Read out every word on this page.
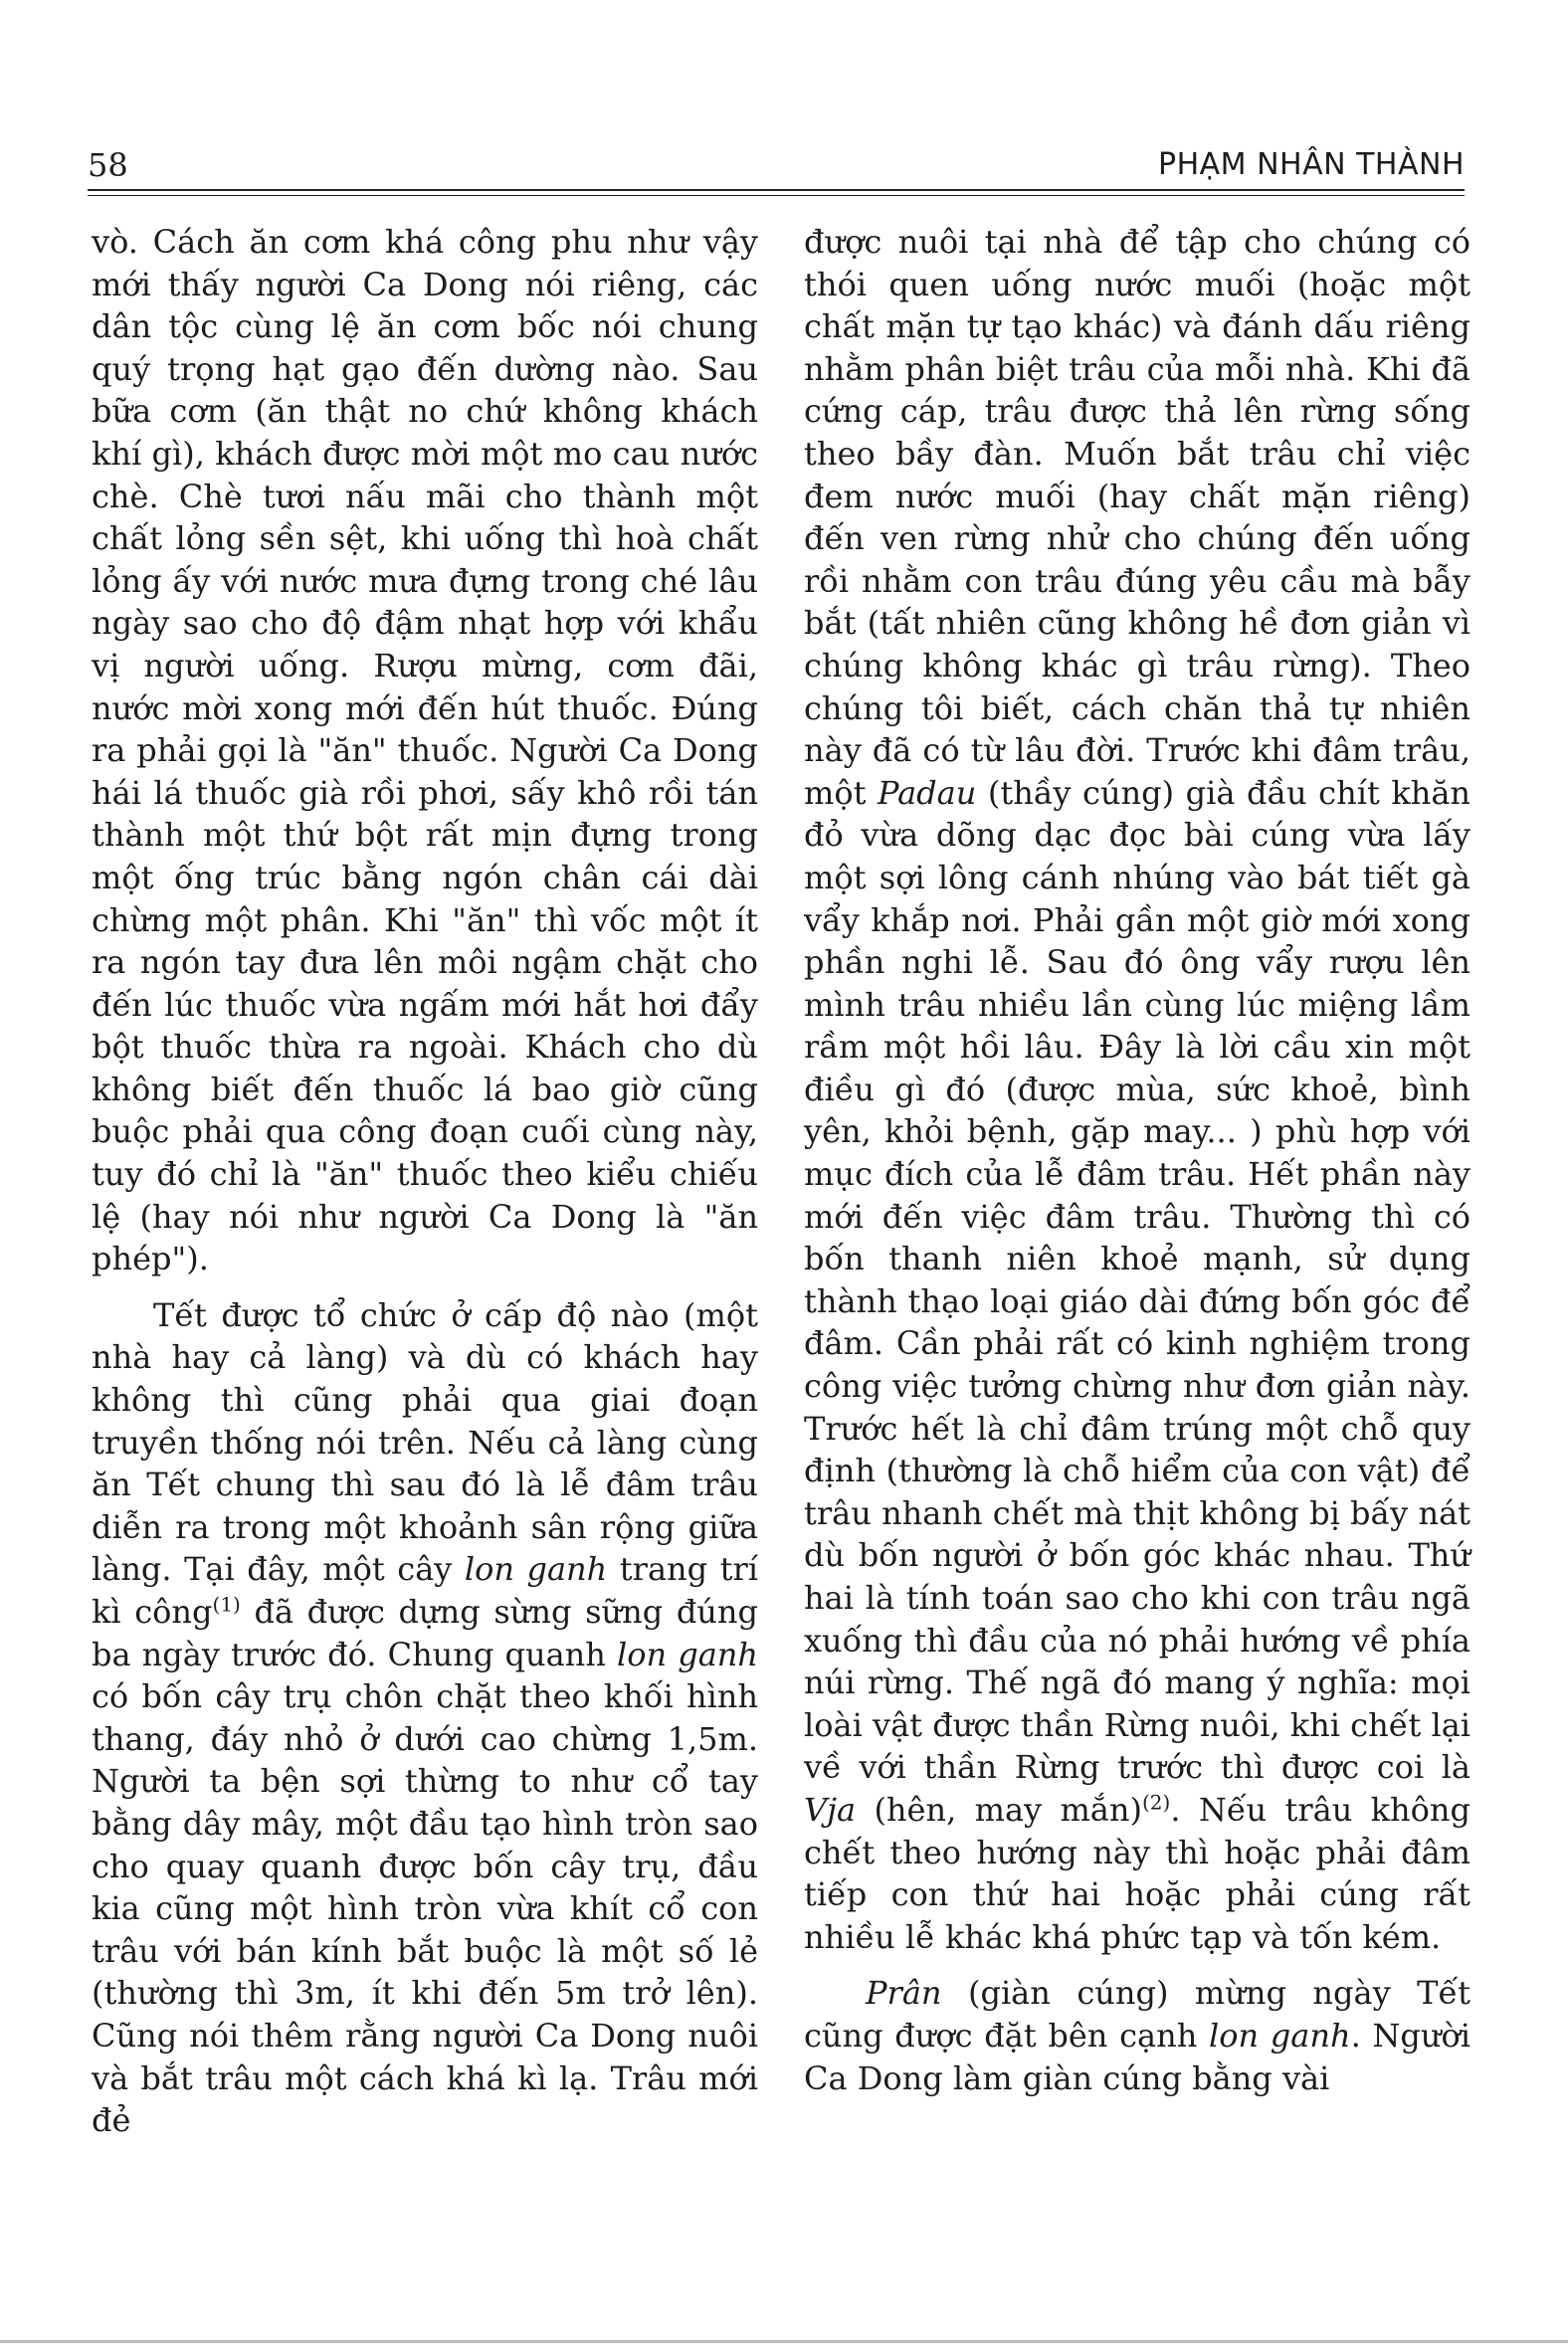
58	PHẠM NHÂN THÀNH

vò. Cách ăn cơm khá công phu như vậy mới thấy người Ca Dong nói riêng, các dân tộc cùng lệ ăn cơm bốc nói chung quý trọng hạt gạo đến dường nào. Sau bữa cơm (ăn thật no chứ không khách khí gì), khách được mời một mo cau nước chè. Chè tươi nấu mãi cho thành một chất lỏng sền sệt, khi uống thì hoà chất lỏng ấy với nước mưa đựng trong ché lâu ngày sao cho độ đậm nhạt hợp với khẩu vị người uống. Rượu mừng, cơm đãi, nước mời xong mới đến hút thuốc. Đúng ra phải gọi là "ăn" thuốc. Người Ca Dong hái lá thuốc già rồi phơi, sấy khô rồi tán thành một thứ bột rất mịn đựng trong một ống trúc bằng ngón chân cái dài chừng một phân. Khi "ăn" thì vốc một ít ra ngón tay đưa lên môi ngậm chặt cho đến lúc thuốc vừa ngấm mới hắt hơi đẩy bột thuốc thừa ra ngoài. Khách cho dù không biết đến thuốc lá bao giờ cũng buộc phải qua công đoạn cuối cùng này, tuy đó chỉ là "ăn" thuốc theo kiểu chiếu lệ (hay nói như người Ca Dong là "ăn phép").

Tết được tổ chức ở cấp độ nào (một nhà hay cả làng) và dù có khách hay không thì cũng phải qua giai đoạn truyền thống nói trên. Nếu cả làng cùng ăn Tết chung thì sau đó là lễ đâm trâu diễn ra trong một khoảnh sân rộng giữa làng. Tại đây, một cây lon ganh trang trí kì công$^{(1)}$ đã được dựng sừng sững đúng ba ngày trước đó. Chung quanh lon ganh có bốn cây trụ chôn chặt theo khối hình thang, đáy nhỏ ở dưới cao chừng 1,5m. Người ta bện sợi thừng to như cổ tay bằng dây mây, một đầu tạo hình tròn sao cho quay quanh được bốn cây trụ, đầu kia cũng một hình tròn vừa khít cổ con trâu với bán kính bắt buộc là một số lẻ (thường thì 3m, ít khi đến 5m trở lên). Cũng nói thêm rằng người Ca Dong nuôi và bắt trâu một cách khá kì lạ. Trâu mới đẻ

được nuôi tại nhà để tập cho chúng có thói quen uống nước muối (hoặc một chất mặn tự tạo khác) và đánh dấu riêng nhằm phân biệt trâu của mỗi nhà. Khi đã cứng cáp, trâu được thả lên rừng sống theo bầy đàn. Muốn bắt trâu chỉ việc đem nước muối (hay chất mặn riêng) đến ven rừng nhử cho chúng đến uống rồi nhằm con trâu đúng yêu cầu mà bẫy bắt (tất nhiên cũng không hề đơn giản vì chúng không khác gì trâu rừng). Theo chúng tôi biết, cách chăn thả tự nhiên này đã có từ lâu đời. Trước khi đâm trâu, một Padau (thầy cúng) già đầu chít khăn đỏ vừa dõng dạc đọc bài cúng vừa lấy một sợi lông cánh nhúng vào bát tiết gà vẩy khắp nơi. Phải gần một giờ mới xong phần nghi lễ. Sau đó ông vẩy rượu lên mình trâu nhiều lần cùng lúc miệng lầm rầm một hồi lâu. Đây là lời cầu xin một điều gì đó (được mùa, sức khoẻ, bình yên, khỏi bệnh, gặp may... ) phù hợp với mục đích của lễ đâm trâu. Hết phần này mới đến việc đâm trâu. Thường thì có bốn thanh niên khoẻ mạnh, sử dụng thành thạo loại giáo dài đứng bốn góc để đâm. Cần phải rất có kinh nghiệm trong công việc tưởng chừng như đơn giản này. Trước hết là chỉ đâm trúng một chỗ quy định (thường là chỗ hiểm của con vật) để trâu nhanh chết mà thịt không bị bấy nát dù bốn người ở bốn góc khác nhau. Thứ hai là tính toán sao cho khi con trâu ngã xuống thì đầu của nó phải hướng về phía núi rừng. Thế ngã đó mang ý nghĩa: mọi loài vật được thần Rừng nuôi, khi chết lại về với thần Rừng trước thì được coi là Vja (hên, may mắn)$^{(2)}$. Nếu trâu không chết theo hướng này thì hoặc phải đâm tiếp con thứ hai hoặc phải cúng rất nhiều lễ khác khá phức tạp và tốn kém.

Prân (giàn cúng) mừng ngày Tết cũng được đặt bên cạnh lon ganh. Người Ca Dong làm giàn cúng bằng vài
